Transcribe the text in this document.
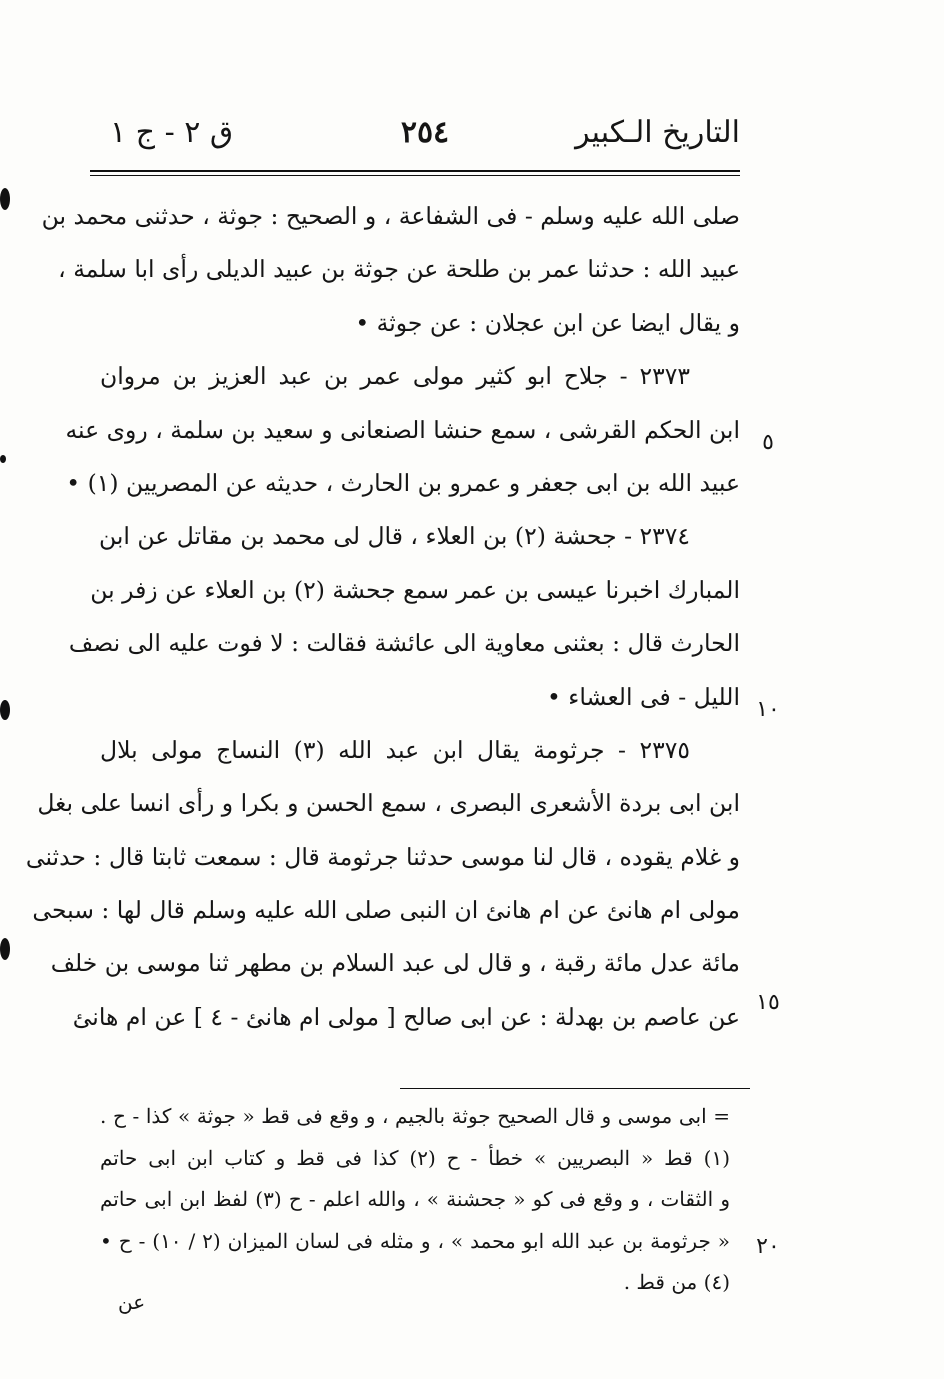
التاريخ الـكبير
٢٥٤
ق ٢ - ج ١
صلى الله عليه وسلم - فى الشفاعة ، و الصحيح : جوثة ، حدثنى محمد بن
عبيد الله : حدثنا عمر بن طلحة عن جوثة بن عبيد الديلى رأى ابا سلمة ،
و يقال ايضا عن ابن عجلان : عن جوثة •
٢٣٧٣ - جلاح ابو كثير مولى عمر بن عبد العزيز بن مروان
ابن الحكم القرشى ، سمع حنشا الصنعانى و سعيد بن سلمة ، روى عنه
عبيد الله بن ابى جعفر و عمرو بن الحارث ، حديثه عن المصريين (١) •
٢٣٧٤ - جحشة (٢) بن العلاء ، قال لى محمد بن مقاتل عن ابن
المبارك اخبرنا عيسى بن عمر سمع جحشة (٢) بن العلاء عن زفر بن
الحارث قال : بعثنى معاوية الى عائشة فقالت : لا فوت عليه الى نصف
الليل - فى العشاء •
٢٣٧٥ - جرثومة يقال ابن عبد الله (٣) النساج مولى بلال
ابن ابى بردة الأشعرى البصرى ، سمع الحسن و بكرا و رأى انسا على بغل
و غلام يقوده ، قال لنا موسى حدثنا جرثومة قال : سمعت ثابتا قال : حدثنى
مولى ام هانئ عن ام هانئ ان النبى صلى الله عليه وسلم قال لها : سبحى
مائة عدل مائة رقبة ، و قال لى عبد السلام بن مطهر ثنا موسى بن خلف
عن عاصم بن بهدلة : عن ابى صالح [ مولى ام هانئ - ٤ ] عن ام هانئ
٥
١٠
١٥
٢٠
= ابى موسى و قال الصحيح جوثة بالجيم ، و وقع فى قط « جوثة » كذا - ح .
(١) قط « البصريين » خطأ - ح (٢) كذا فى قط و كتاب ابن ابى حاتم
و الثقات ، و وقع فى كو « جحشنة » ، والله اعلم - ح (٣) لفظ ابن ابى حاتم
« جرثومة بن عبد الله ابو محمد » ، و مثله فى لسان الميزان (٢ / ١٠) - ح •
(٤) من قط .
عن
